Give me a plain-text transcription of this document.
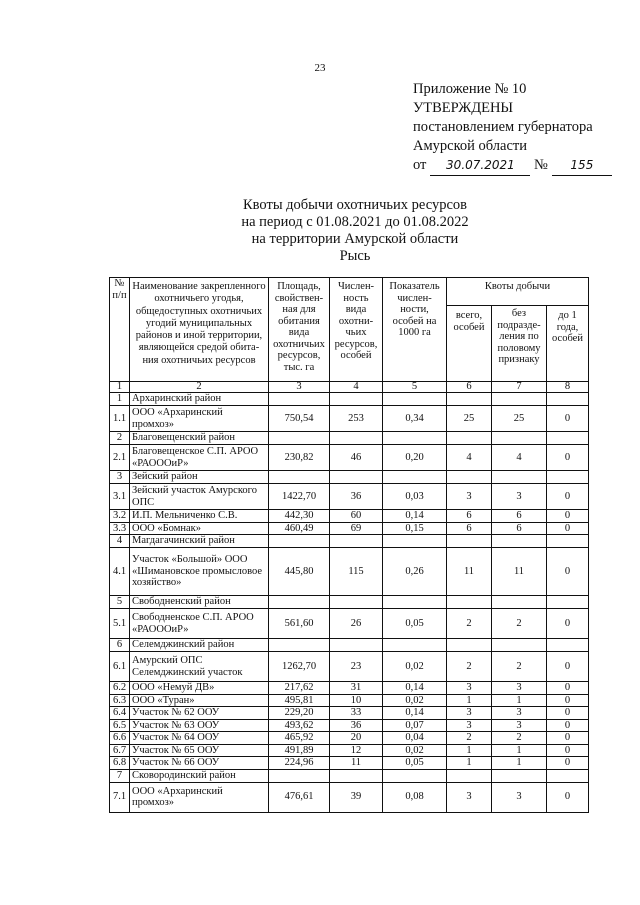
23
Приложение № 10
УТВЕРЖДЕНЫ
постановлением губернатора
Амурской области
от 30.07.2021 № 155
Квоты добычи охотничьих ресурсов
на период с 01.08.2021 до 01.08.2022
на территории Амурской области
Рысь
№ п/п	Наименование закрепленного охотничьего угодья, общедоступных охотничьих угодий муниципальных районов и иной территории, являющейся средой обита-ния охотничьих ресурсов	Площадь, свойствен-ная для обитания вида охотничьих ресурсов, тыс. га	Числен-ность вида охотни-чьих ресурсов, особей	Показатель числен-ности, особей на 1000 га	Квоты добычи		
					всего, особей	без подразде-ления по половому признаку	до 1 года, особей
1	2	3	4	5	6	7	8
1	Архаринский район						
1.1	ООО «Архаринский промхоз»	750,54	253	0,34	25	25	0
2	Благовещенский район						
2.1	Благовещенское С.П. АРОО «РАОООиР»	230,82	46	0,20	4	4	0
3	Зейский район						
3.1	Зейский участок Амурского ОПС	1422,70	36	0,03	3	3	0
3.2	И.П. Мельниченко С.В.	442,30	60	0,14	6	6	0
3.3	ООО «Бомнак»	460,49	69	0,15	6	6	0
4	Магдагачинский район						
4.1	Участок «Большой» ООО «Шимановское промысловое хозяйство»	445,80	115	0,26	11	11	0
5	Свободненский район						
5.1	Свободненское С.П. АРОО «РАОООиР»	561,60	26	0,05	2	2	0
6	Селемджинский район						
6.1	Амурский ОПС Селемджинский участок	1262,70	23	0,02	2	2	0
6.2	ООО «Немуй ДВ»	217,62	31	0,14	3	3	0
6.3	ООО «Туран»	495,81	10	0,02	1	1	0
6.4	Участок № 62 ООУ	229,20	33	0,14	3	3	0
6.5	Участок № 63 ООУ	493,62	36	0,07	3	3	0
6.6	Участок № 64 ООУ	465,92	20	0,04	2	2	0
6.7	Участок № 65 ООУ	491,89	12	0,02	1	1	0
6.8	Участок № 66 ООУ	224,96	11	0,05	1	1	0
7	Сковородинский район						
7.1	ООО «Архаринский промхоз»	476,61	39	0,08	3	3	0
